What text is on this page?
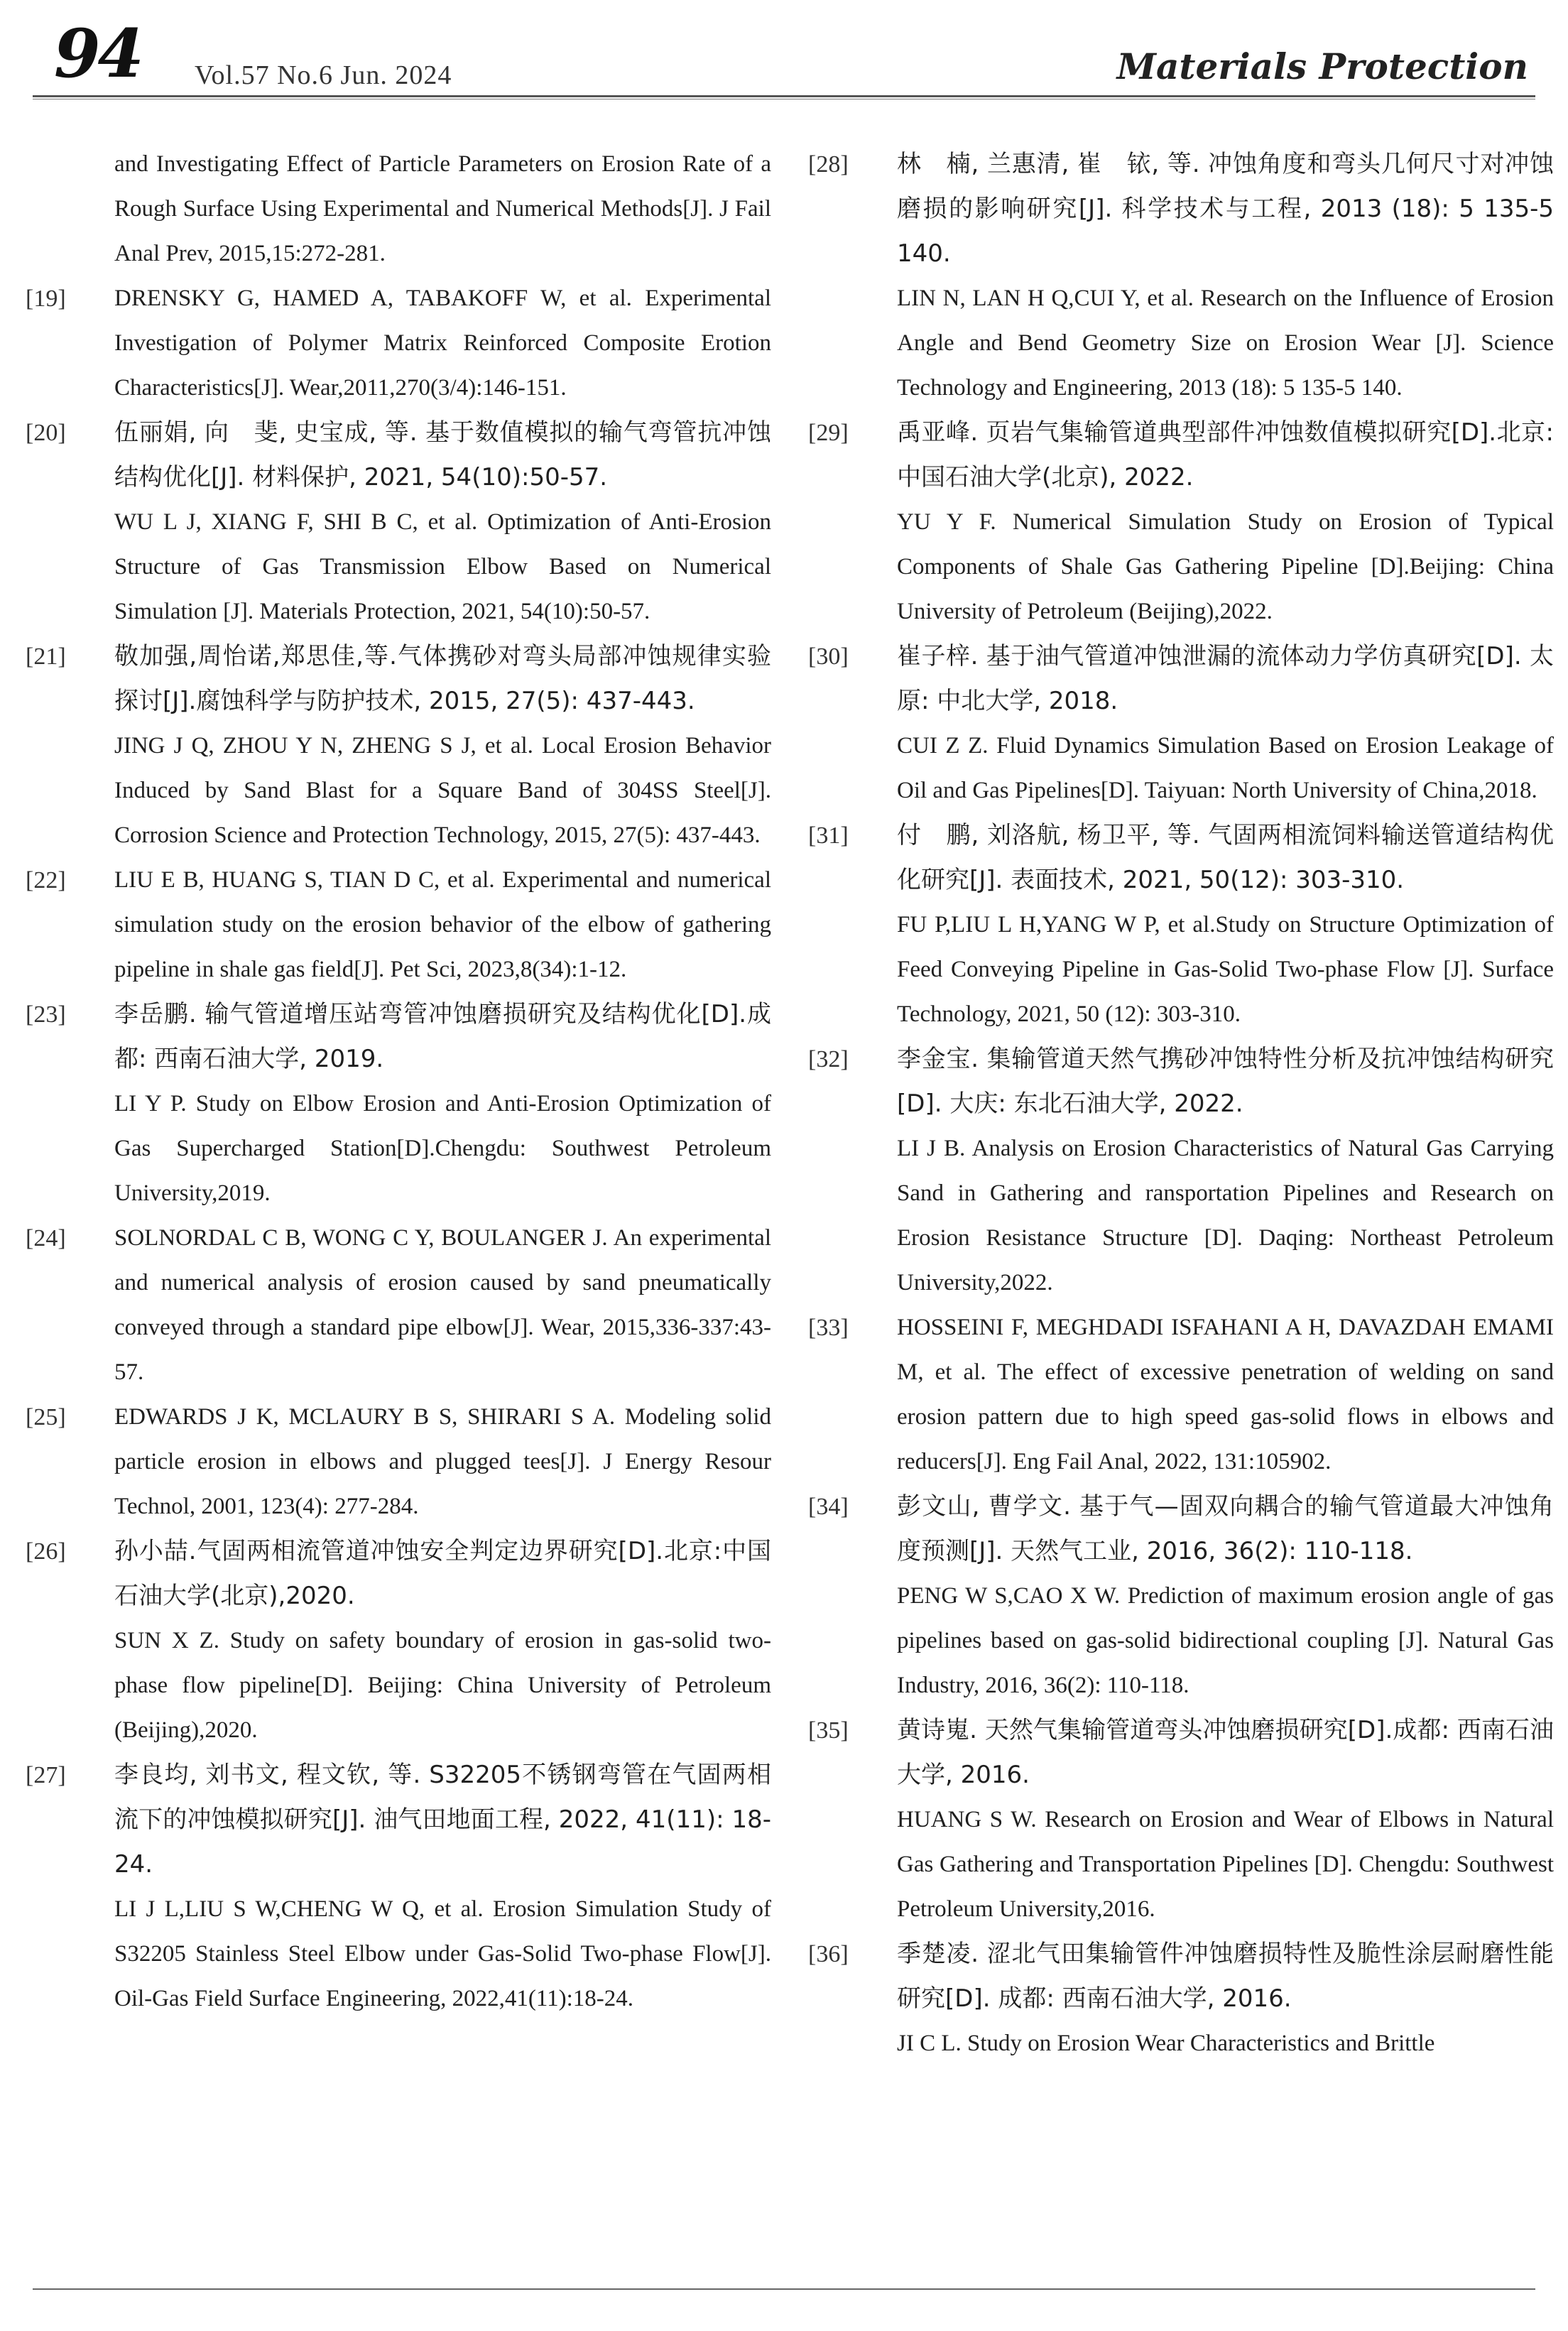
94 Vol.57 No.6 Jun. 2024	Materials Protection

and Investigating Effect of Particle Parameters on Erosion Rate of a Rough Surface Using Experimental and Numerical Methods[J]. J Fail Anal Prev, 2015,15:272-281.

[19]	DRENSKY G, HAMED A, TABAKOFF W, et al. Experimental Investigation of Polymer Matrix Reinforced Composite Erotion Characteristics[J]. Wear,2011,270(3/4):146-151.

[20]	伍丽娟, 向　斐, 史宝成, 等. 基于数值模拟的输气弯管抗冲蚀结构优化[J]. 材料保护, 2021, 54(10):50-57.

WU L J, XIANG F, SHI B C, et al. Optimization of Anti-Erosion Structure of Gas Transmission Elbow Based on Numerical Simulation [J]. Materials Protection, 2021, 54(10):50-57.

[21]	敬加强,周怡诺,郑思佳,等.气体携砂对弯头局部冲蚀规律实验探讨[J].腐蚀科学与防护技术, 2015, 27(5): 437-443.

JING J Q, ZHOU Y N, ZHENG S J, et al. Local Erosion Behavior Induced by Sand Blast for a Square Band of 304SS Steel[J]. Corrosion Science and Protection Technology, 2015, 27(5): 437-443.

[22]	LIU E B, HUANG S, TIAN D C, et al. Experimental and numerical simulation study on the erosion behavior of the elbow of gathering pipeline in shale gas field[J]. Pet Sci, 2023,8(34):1-12.

[23]	李岳鹏. 输气管道增压站弯管冲蚀磨损研究及结构优化[D].成都: 西南石油大学, 2019.

LI Y P. Study on Elbow Erosion and Anti-Erosion Optimization of Gas Supercharged Station[D].Chengdu: Southwest Petroleum University,2019.

[24]	SOLNORDAL C B, WONG C Y, BOULANGER J. An experimental and numerical analysis of erosion caused by sand pneumatically conveyed through a standard pipe elbow[J]. Wear, 2015,336-337:43-57.

[25]	EDWARDS J K, MCLAURY B S, SHIRARI S A. Modeling solid particle erosion in elbows and plugged tees[J]. J Energy Resour Technol, 2001, 123(4): 277-284.

[26]	孙小喆.气固两相流管道冲蚀安全判定边界研究[D].北京:中国石油大学(北京),2020.

SUN X Z. Study on safety boundary of erosion in gas-solid two-phase flow pipeline[D]. Beijing: China University of Petroleum (Beijing),2020.

[27]	李良均, 刘书文, 程文钦, 等. S32205不锈钢弯管在气固两相流下的冲蚀模拟研究[J]. 油气田地面工程, 2022, 41(11): 18-24.

LI J L,LIU S W,CHENG W Q, et al. Erosion Simulation Study of S32205 Stainless Steel Elbow under Gas-Solid Two-phase Flow[J]. Oil-Gas Field Surface Engineering, 2022,41(11):18-24.

[28]	林　楠, 兰惠清, 崔　铱, 等. 冲蚀角度和弯头几何尺寸对冲蚀磨损的影响研究[J]. 科学技术与工程, 2013 (18): 5 135-5 140.

LIN N, LAN H Q,CUI Y, et al. Research on the Influence of Erosion Angle and Bend Geometry Size on Erosion Wear [J]. Science Technology and Engineering, 2013 (18): 5 135-5 140.

[29]	禹亚峰. 页岩气集输管道典型部件冲蚀数值模拟研究[D].北京: 中国石油大学(北京), 2022.

YU Y F. Numerical Simulation Study on Erosion of Typical Components of Shale Gas Gathering Pipeline [D].Beijing: China University of Petroleum (Beijing),2022.

[30]	崔子梓. 基于油气管道冲蚀泄漏的流体动力学仿真研究[D]. 太原: 中北大学, 2018.

CUI Z Z. Fluid Dynamics Simulation Based on Erosion Leakage of Oil and Gas Pipelines[D]. Taiyuan: North University of China,2018.

[31]	付　鹏, 刘洛航, 杨卫平, 等. 气固两相流饲料输送管道结构优化研究[J]. 表面技术, 2021, 50(12): 303-310.

FU P,LIU L H,YANG W P, et al.Study on Structure Optimization of Feed Conveying Pipeline in Gas-Solid Two-phase Flow [J]. Surface Technology, 2021, 50 (12): 303-310.

[32]	李金宝. 集输管道天然气携砂冲蚀特性分析及抗冲蚀结构研究[D]. 大庆: 东北石油大学, 2022.

LI J B. Analysis on Erosion Characteristics of Natural Gas Carrying Sand in Gathering and ransportation Pipelines and Research on Erosion Resistance Structure [D]. Daqing: Northeast Petroleum University,2022.

[33]	HOSSEINI F, MEGHDADI ISFAHANI A H, DAVAZDAH EMAMI M, et al. The effect of excessive penetration of welding on sand erosion pattern due to high speed gas-solid flows in elbows and reducers[J]. Eng Fail Anal, 2022, 131:105902.

[34]	彭文山, 曹学文. 基于气—固双向耦合的输气管道最大冲蚀角度预测[J]. 天然气工业, 2016, 36(2): 110-118.

PENG W S,CAO X W. Prediction of maximum erosion angle of gas pipelines based on gas-solid bidirectional coupling [J]. Natural Gas Industry, 2016, 36(2): 110-118.

[35]	黄诗嵬. 天然气集输管道弯头冲蚀磨损研究[D].成都: 西南石油大学, 2016.

HUANG S W. Research on Erosion and Wear of Elbows in Natural Gas Gathering and Transportation Pipelines [D]. Chengdu: Southwest Petroleum University,2016.

[36]	季楚凌. 涩北气田集输管件冲蚀磨损特性及脆性涂层耐磨性能研究[D]. 成都: 西南石油大学, 2016.

JI C L. Study on Erosion Wear Characteristics and Brittle
